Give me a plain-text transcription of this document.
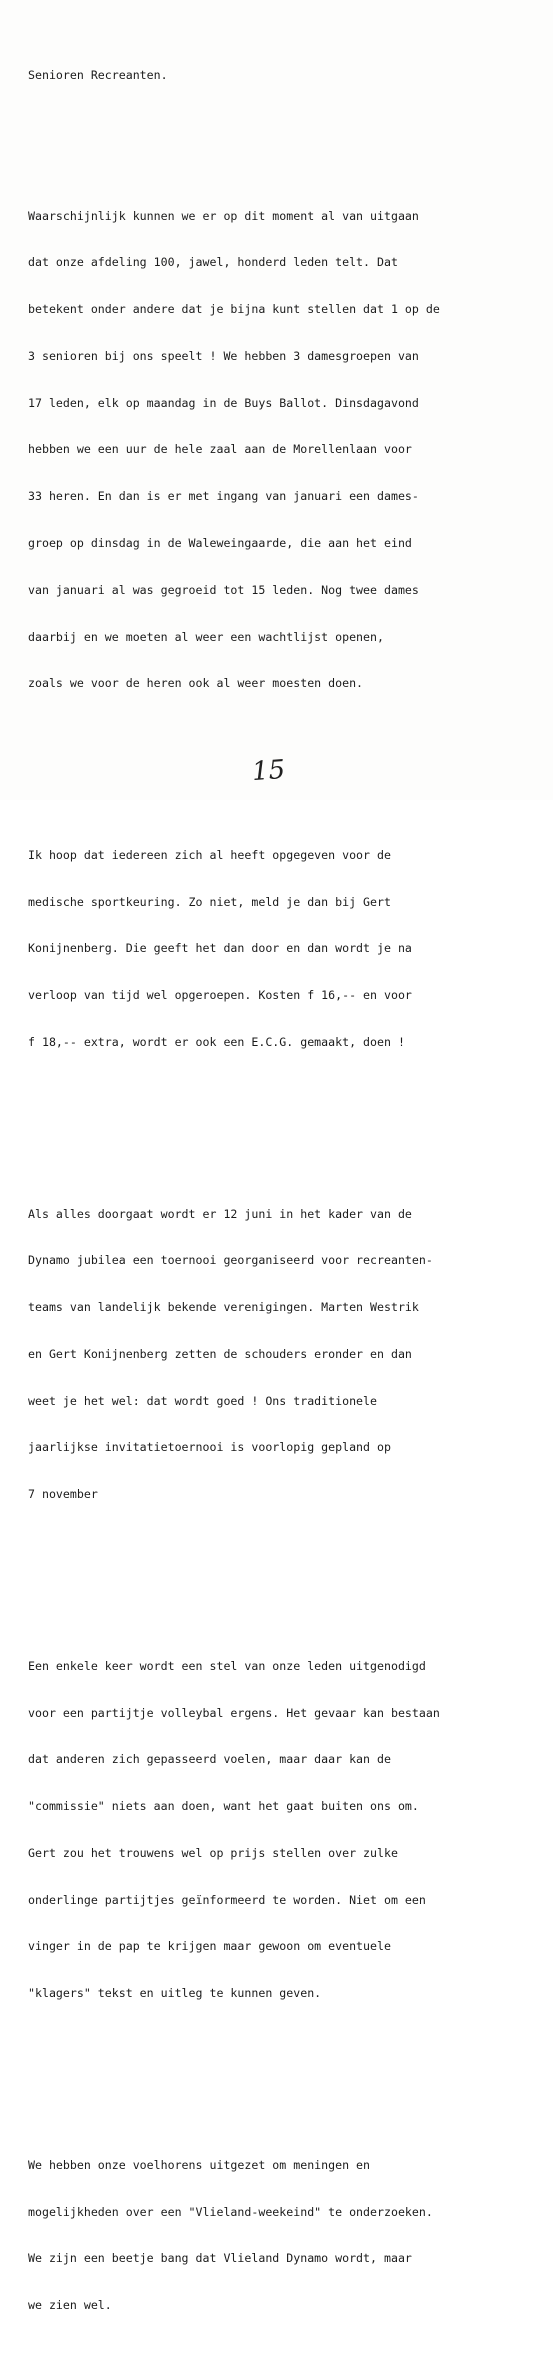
Senioren Recreanten.

Waarschijnlijk kunnen we er op dit moment al van uitgaan

dat onze afdeling 100, jawel, honderd leden telt. Dat

betekent onder andere dat je bijna kunt stellen dat 1 op de

3 senioren bij ons speelt ! We hebben 3 damesgroepen van

17 leden, elk op maandag in de Buys Ballot. Dinsdagavond

hebben we een uur de hele zaal aan de Morellenlaan voor

33 heren. En dan is er met ingang van januari een dames-

groep op dinsdag in de Waleweingaarde, die aan het eind

van januari al was gegroeid tot 15 leden. Nog twee dames

daarbij en we moeten al weer een wachtlijst openen,

zoals we voor de heren ook al weer moesten doen.

Ik hoop dat iedereen zich al heeft opgegeven voor de

medische sportkeuring. Zo niet, meld je dan bij Gert

Konijnenberg. Die geeft het dan door en dan wordt je na

verloop van tijd wel opgeroepen. Kosten f 16,-- en voor

f 18,-- extra, wordt er ook een E.C.G. gemaakt, doen !

Als alles doorgaat wordt er 12 juni in het kader van de

Dynamo jubilea een toernooi georganiseerd voor recreanten-

teams van landelijk bekende verenigingen. Marten Westrik

en Gert Konijnenberg zetten de schouders eronder en dan

weet je het wel: dat wordt goed ! Ons traditionele

jaarlijkse invitatietoernooi is voorlopig gepland op

7 november

Een enkele keer wordt een stel van onze leden uitgenodigd

voor een partijtje volleybal ergens. Het gevaar kan bestaan

dat anderen zich gepasseerd voelen, maar daar kan de

"commissie" niets aan doen, want het gaat buiten ons om.

Gert zou het trouwens wel op prijs stellen over zulke

onderlinge partijtjes geïnformeerd te worden. Niet om een

vinger in de pap te krijgen maar gewoon om eventuele

"klagers" tekst en uitleg te kunnen geven.

We hebben onze voelhorens uitgezet om meningen en

mogelijkheden over een "Vlieland-weekeind" te onderzoeken.

We zijn een beetje bang dat Vlieland Dynamo wordt, maar

we zien wel.

15
